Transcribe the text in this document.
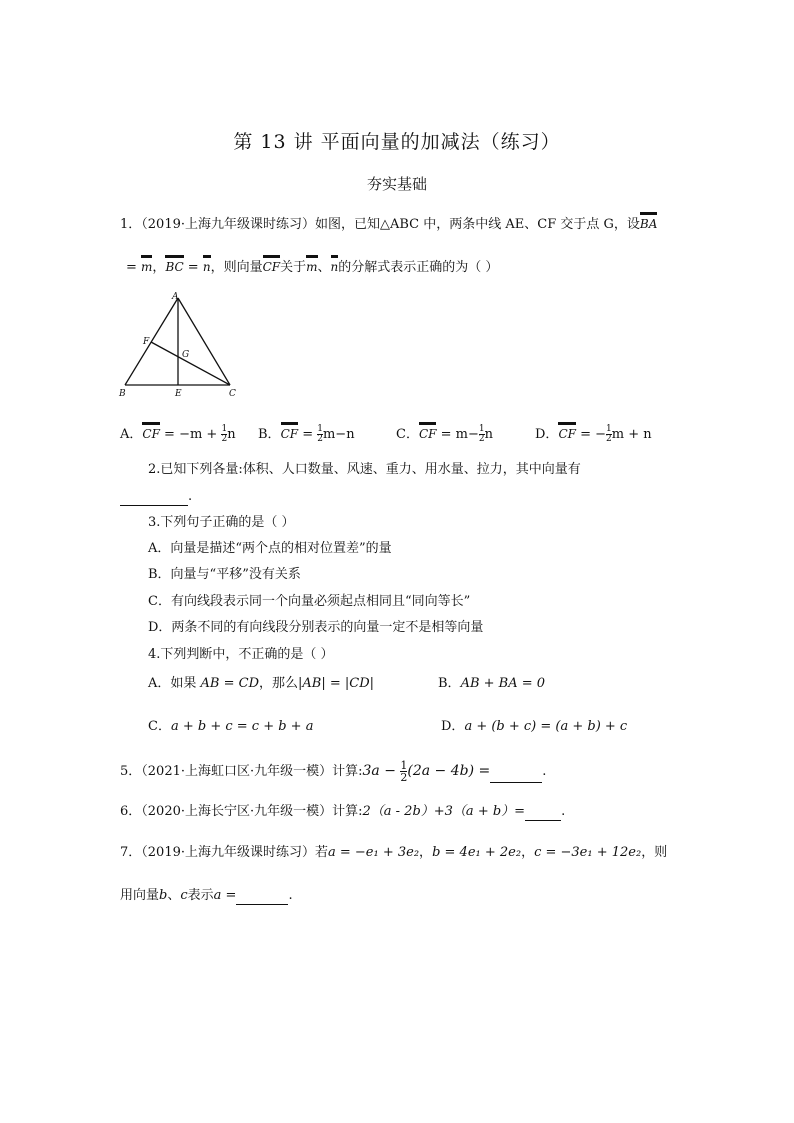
第 13 讲 平面向量的加减法（练习）
夯实基础
1．（2019·上海九年级课时练习）如图，已知△ABC 中，两条中线 AE、CF 交于点 G，设BA
= m，BC = n，则向量CF关于m、n的分解式表示正确的为（ ）
A
B	C
E
F
G
A．CF = $-m + \frac{1}{2}$ n B．CF = $\frac{1}{2} m-n$	C．CF = $m- \frac{1}{2}$ n	D．CF = − $\frac{1}{2}$ m + n
2.已知下列各量:体积、人口数量、风速、重力、用水量、拉力，其中向量有
.
3.下列句子正确的是（ ）
A．向量是描述“两个点的相对位置差”的量
B．向量与“平移”没有关系
C．有向线段表示同一个向量必须起点相同且“同向等长”
D．两条不同的有向线段分别表示的向量一定不是相等向量
4.下列判断中，不正确的是（ ）
A．如果 AB = CD，那么|AB| = |CD|	B．AB + BA = 0
C．a + b + c = c + b + a	D．a + (b + c) = (a + b) + c
5．（2021·上海虹口区·九年级一模）计算:3a − $\frac{1}{2} (2a - 4b)$ =	.
6．（2020·上海长宁区·九年级一模）计算:2（a - 2b）+3（a + b）=	.
7．（2019·上海九年级课时练习）若a = −e₁ + 3e₂，b = 4e₁ + 2e₂，c = −3e₁ + 12e₂，则
用向量b、c表示a =	.
